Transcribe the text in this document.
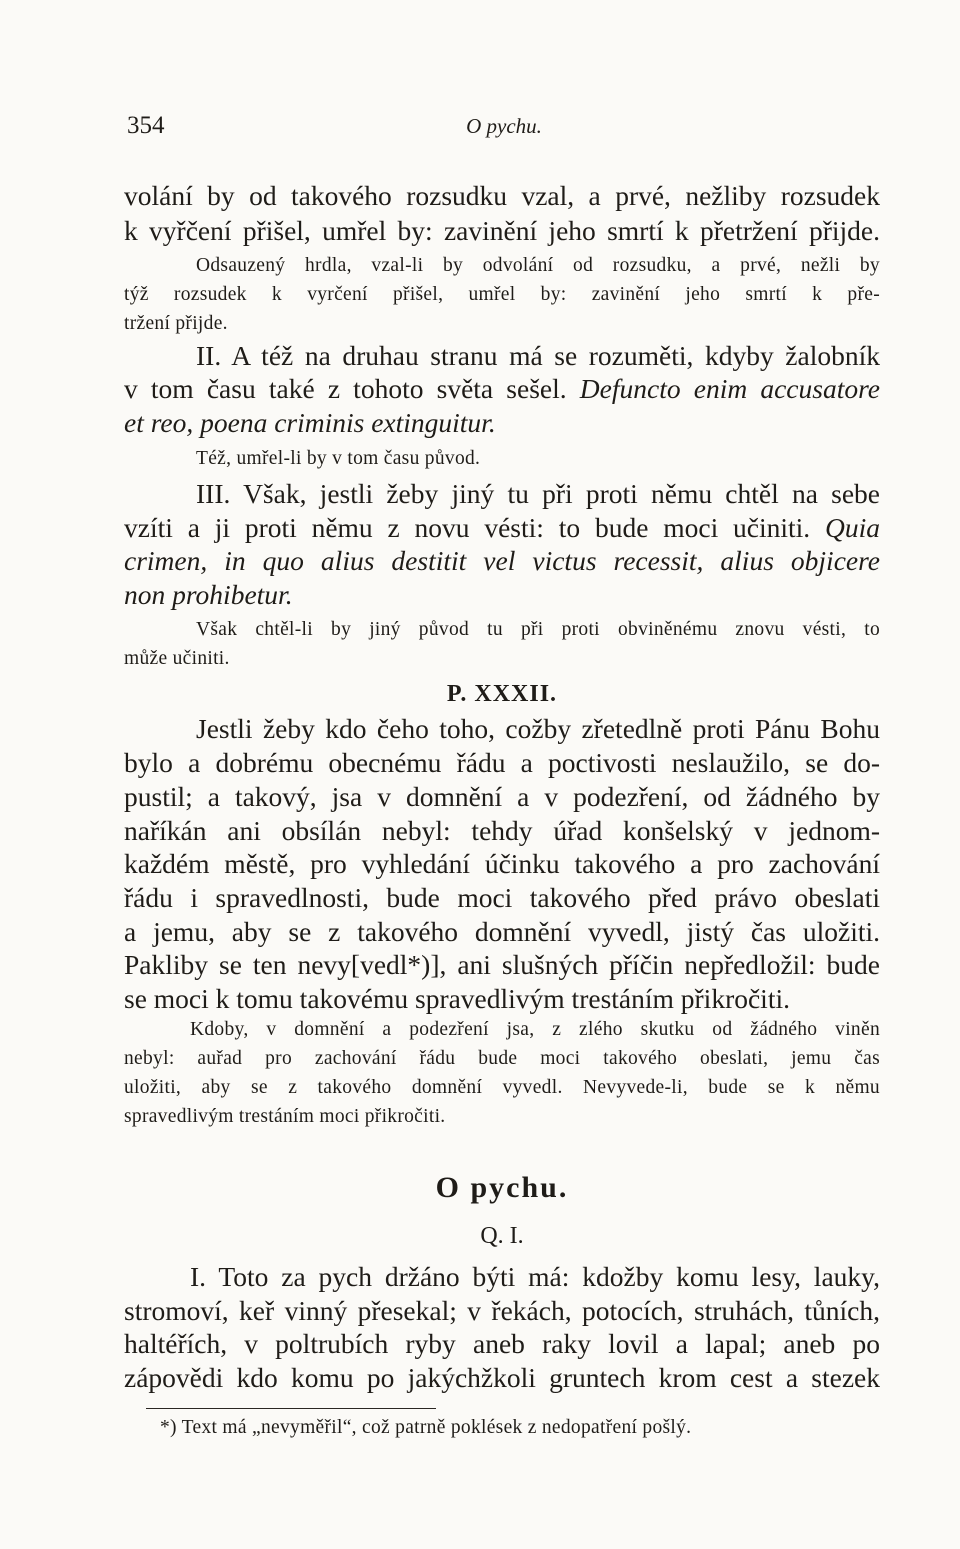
354	O pychu.
volání by od takového rozsudku vzal, a prvé, nežliby rozsudek
k vyřčení přišel, umřel by: zavinění jeho smrtí k přetržení přijde.
Odsauzený hrdla, vzal-li by odvolání od rozsudku, a prvé, nežli by
týž rozsudek k vyrčení přišel, umřel by: zavinění jeho smrtí k pře-
tržení přijde.
II. A též na druhau stranu má se rozuměti, kdyby žalobník
v tom času také z tohoto světa sešel. Defuncto enim accusatore
et reo, poena criminis extinguitur.
Též, umřel-li by v tom času původ.
III. Však, jestli žeby jiný tu při proti němu chtěl na sebe
vzíti a ji proti němu z novu vésti: to bude moci učiniti. Quia
crimen, in quo alius destitit vel victus recessit, alius objicere
non prohibetur.
Však chtěl-li by jiný původ tu při proti obviněnému znovu vésti, to
může učiniti.
P. XXXII.
Jestli žeby kdo čeho toho, cožby zřetedlně proti Pánu Bohu
bylo a dobrému obecnému řádu a poctivosti neslaužilo, se do-
pustil; a takový, jsa v domnění a v podezření, od žádného by
naříkán ani obsílán nebyl: tehdy úřad konšelský v jednom-
každém městě, pro vyhledání účinku takového a pro zachování
řádu i spravedlnosti, bude moci takového před právo obeslati
a jemu, aby se z takového domnění vyvedl, jistý čas uložiti.
Pakliby se ten nevy[vedl*)], ani slušných příčin nepředložil: bude
se moci k tomu takovému spravedlivým trestáním přikročiti.
Kdoby, v domnění a podezření jsa, z zlého skutku od žádného viněn
nebyl: auřad pro zachování řádu bude moci takového obeslati, jemu čas
uložiti, aby se z takového domnění vyvedl. Nevyvede-li, bude se k němu
spravedlivým trestáním moci přikročiti.
O pychu.
Q. I.
I. Toto za pych držáno býti má: kdožby komu lesy, lauky,
stromoví, keř vinný přesekal; v řekách, potocích, struhách, tůních,
haltéřích, v poltrubích ryby aneb raky lovil a lapal; aneb po
zápovědi kdo komu po jakýchžkoli gruntech krom cest a stezek
*) Text má „nevyměřil“, což patrně poklések z nedopatření pošlý.
